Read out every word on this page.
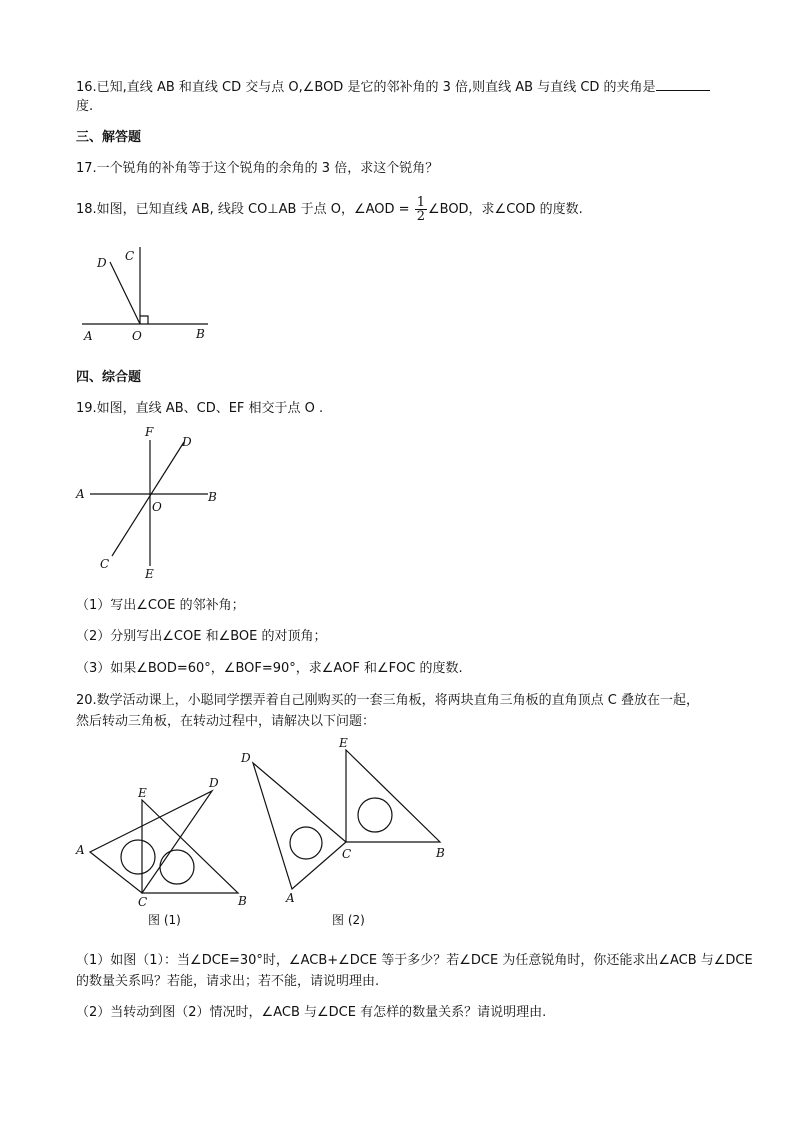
16.已知,直线 AB 和直线 CD 交与点 O,∠BOD 是它的邻补角的 3 倍,则直线 AB 与直线 CD 的夹角是
度.
三、解答题
17.一个锐角的补角等于这个锐角的余角的 3 倍，求这个锐角？
18.如图，已知直线 AB, 线段 CO⊥AB 于点 O，∠AOD = $\frac{1}{2}$ ∠BOD，求∠COD 的度数.
A	O	B
C
D
四、综合题
19.如图，直线 AB、CD、EF 相交于点 O .
F
D
A
O
B
C
E
（1）写出∠COE 的邻补角；
（2）分别写出∠COE 和∠BOE 的对顶角；
（3）如果∠BOD=60°，∠BOF=90°，求∠AOF 和∠FOC 的度数.
20.数学活动课上，小聪同学摆弄着自己刚购买的一套三角板，将两块直角三角板的直角顶点 C 叠放在一起，
然后转动三角板，在转动过程中，请解决以下问题：
A
C	B
D
E
图 (1)
D
E
C	B
A
图 (2)
（1）如图（1）：当∠DCE=30°时，∠ACB+∠DCE 等于多少？若∠DCE 为任意锐角时，你还能求出∠ACB 与∠DCE
的数量关系吗？若能，请求出；若不能，请说明理由.
（2）当转动到图（2）情况时，∠ACB 与∠DCE 有怎样的数量关系？请说明理由.
